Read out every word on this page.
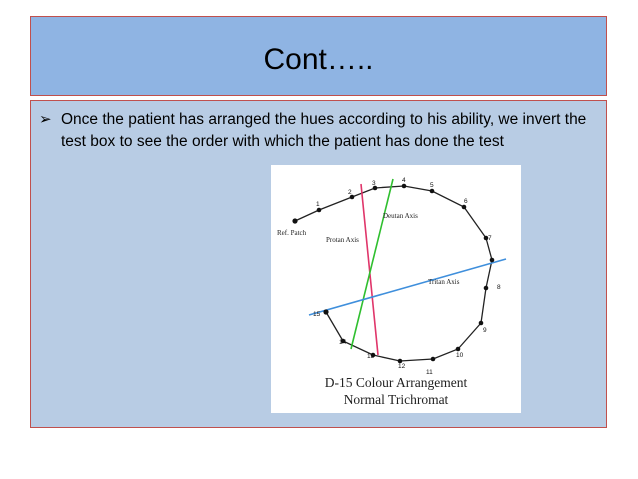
Cont…..
➢ Once the patient has arranged the hues according to his ability, we invert the test box to see the order with which the patient has done the test
1
2
3	4
5
6
7
8
9
10
11
12
13
14
15
Ref. Patch
Deutan Axis
Protan Axis
Tritan Axis
D-15 Colour Arrangement
Normal Trichromat
